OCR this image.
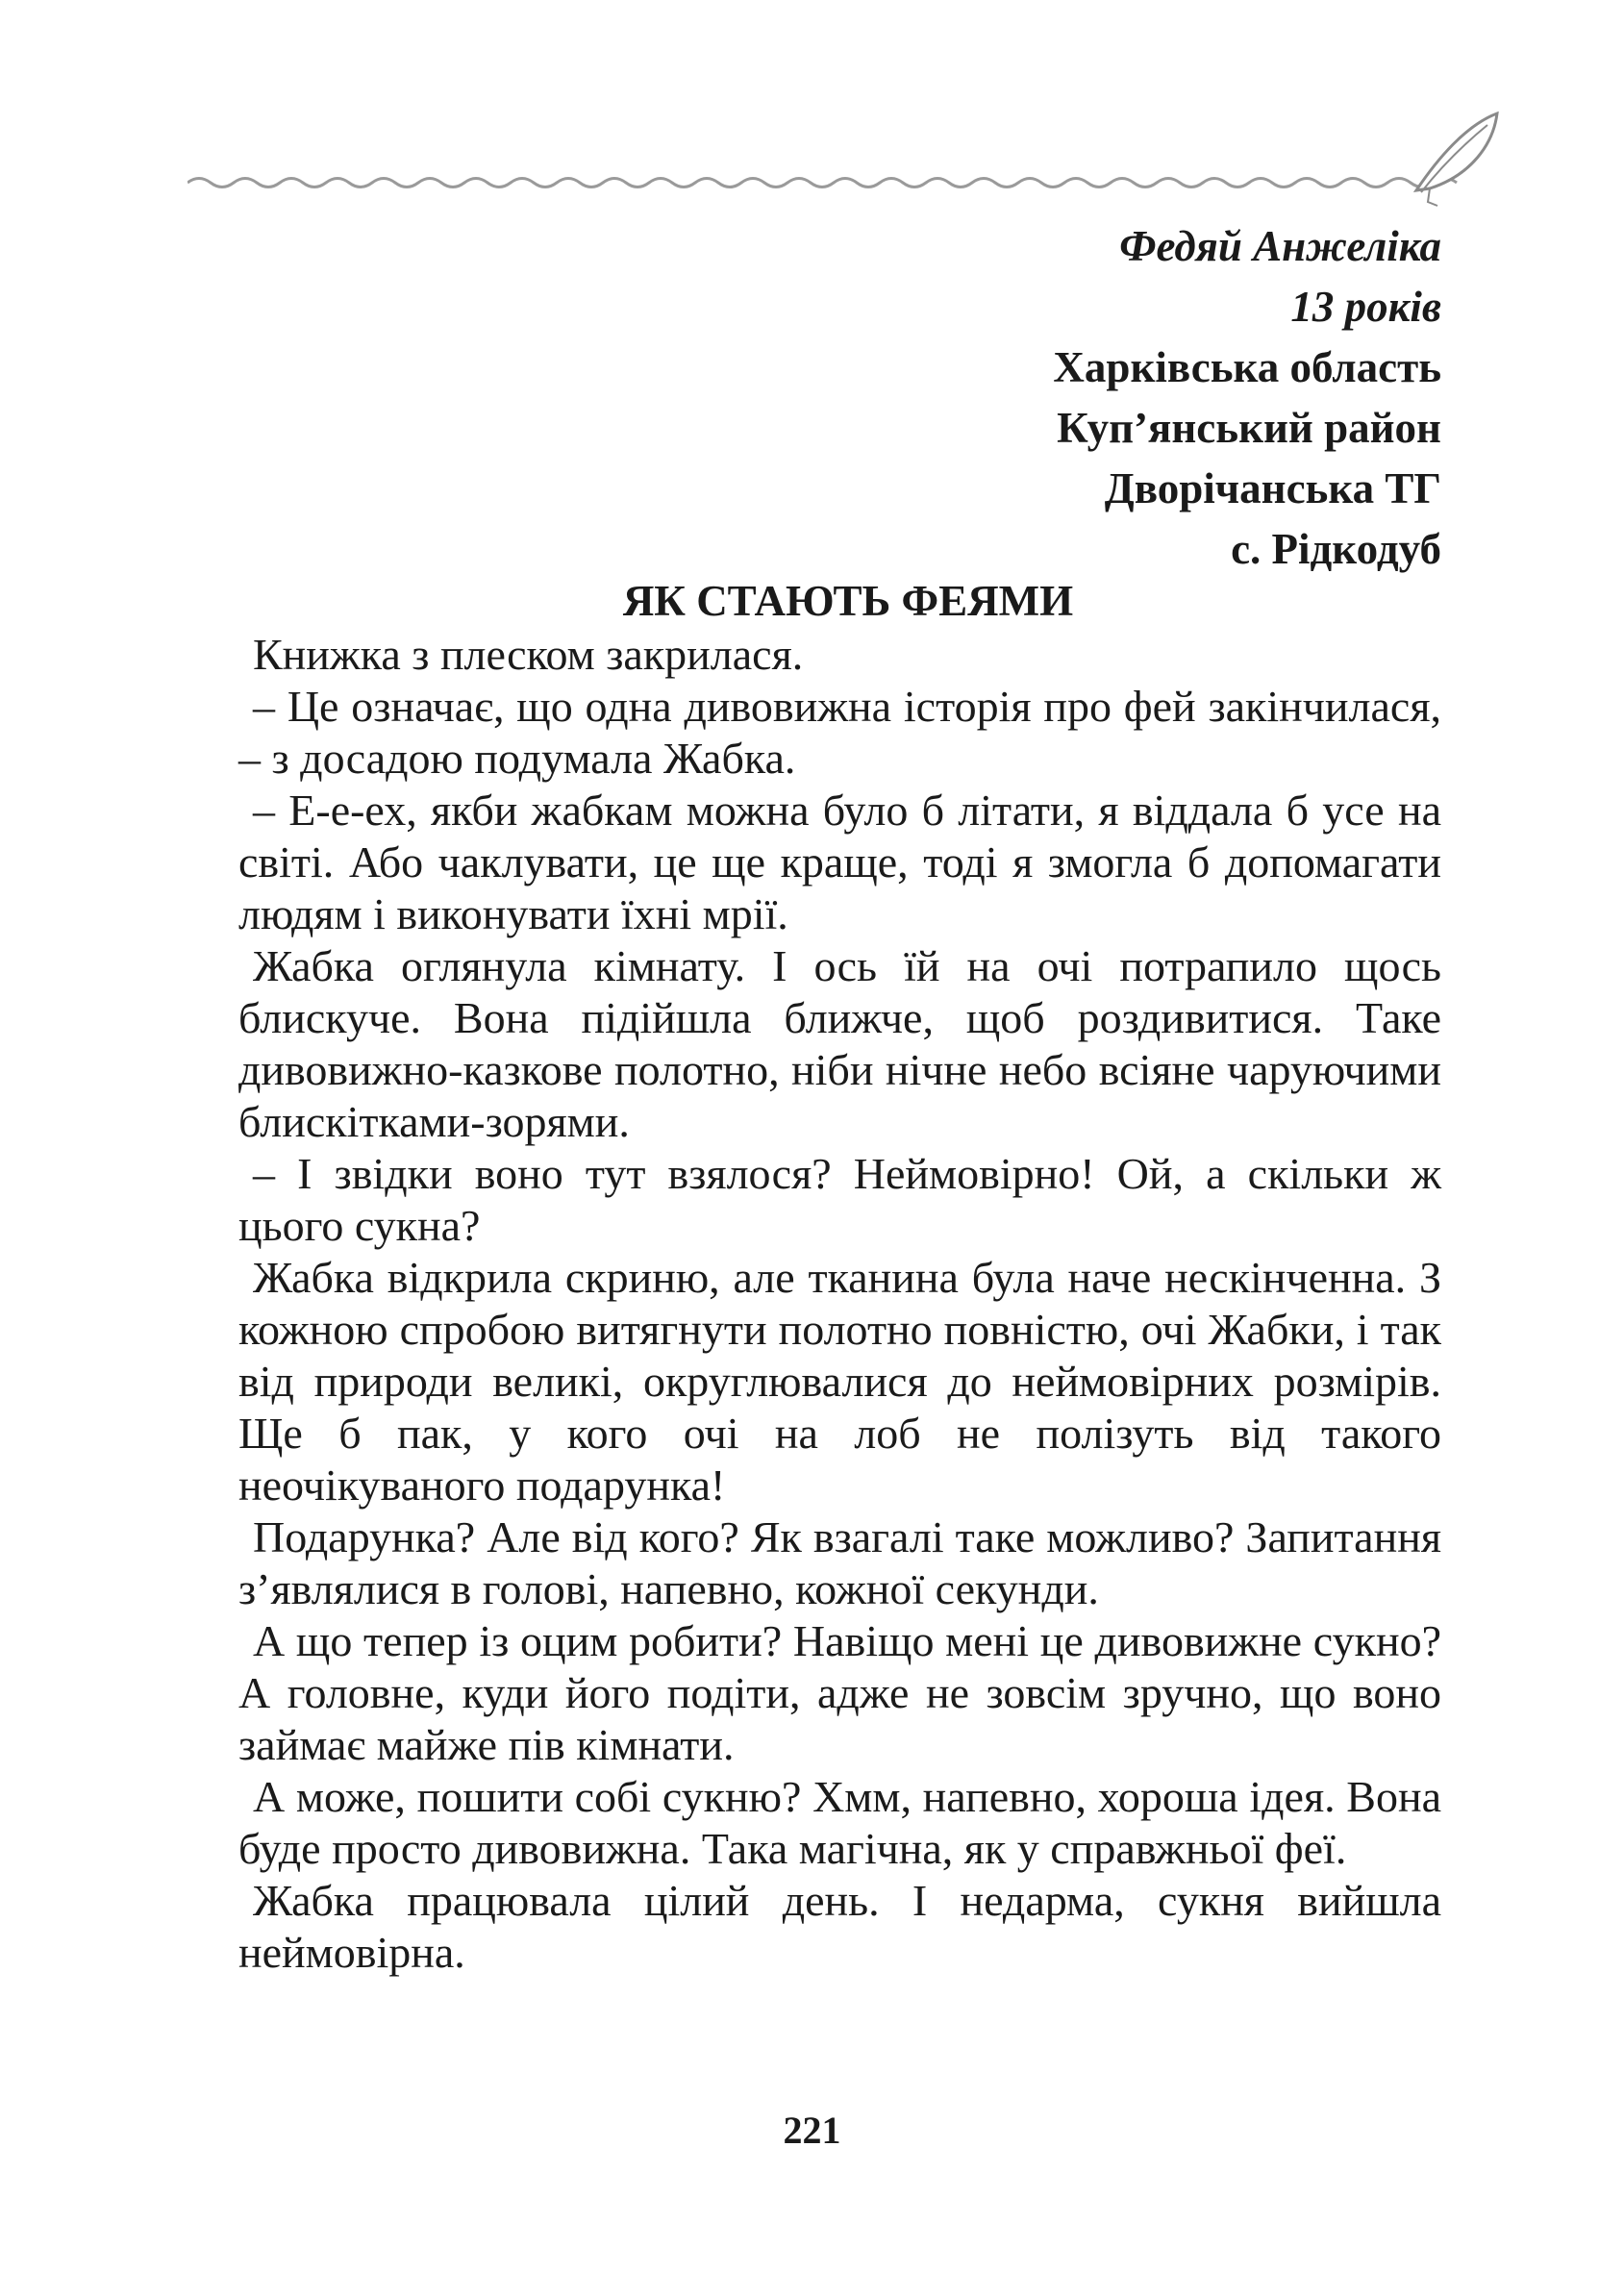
Федяй Анжеліка
13 років
Харківська область
Куп’янський район
Дворічанська ТГ
с. Рідкодуб
ЯК СТАЮТЬ ФЕЯМИ

Книжка з плеском закрилася.

– Це означає, що одна дивовижна історія про фей закінчилася, – з досадою подумала Жабка.

– Е-е-ех, якби жабкам можна було б літати, я віддала б усе на світі. Або чаклувати, це ще краще, тоді я змогла б допомагати людям і виконувати їхні мрії.

Жабка оглянула кімнату. І ось їй на очі потрапило щось блискуче. Вона підійшла ближче, щоб роздивитися. Таке дивовижно-казкове полотно, ніби нічне небо всіяне чаруючими блискітками-зорями.

– І звідки воно тут взялося? Неймовірно! Ой, а скільки ж цього сукна?

Жабка відкрила скриню, але тканина була наче нескінченна. З кожною спробою витягнути полотно повністю, очі Жабки, і так від природи великі, округлювалися до неймовірних розмірів. Ще б пак, у кого очі на лоб не полізуть від такого неочікуваного подарунка!

Подарунка? Але від кого? Як взагалі таке можливо? Запитання з’являлися в голові, напевно, кожної секунди.

А що тепер із оцим робити? Навіщо мені це дивовижне сукно? А головне, куди його подіти, адже не зовсім зручно, що воно займає майже пів кімнати.

А може, пошити собі сукню? Хмм, напевно, хороша ідея. Вона буде просто дивовижна. Така магічна, як у справжньої феї.

Жабка працювала цілий день. І недарма, сукня вийшла неймовірна.

221
